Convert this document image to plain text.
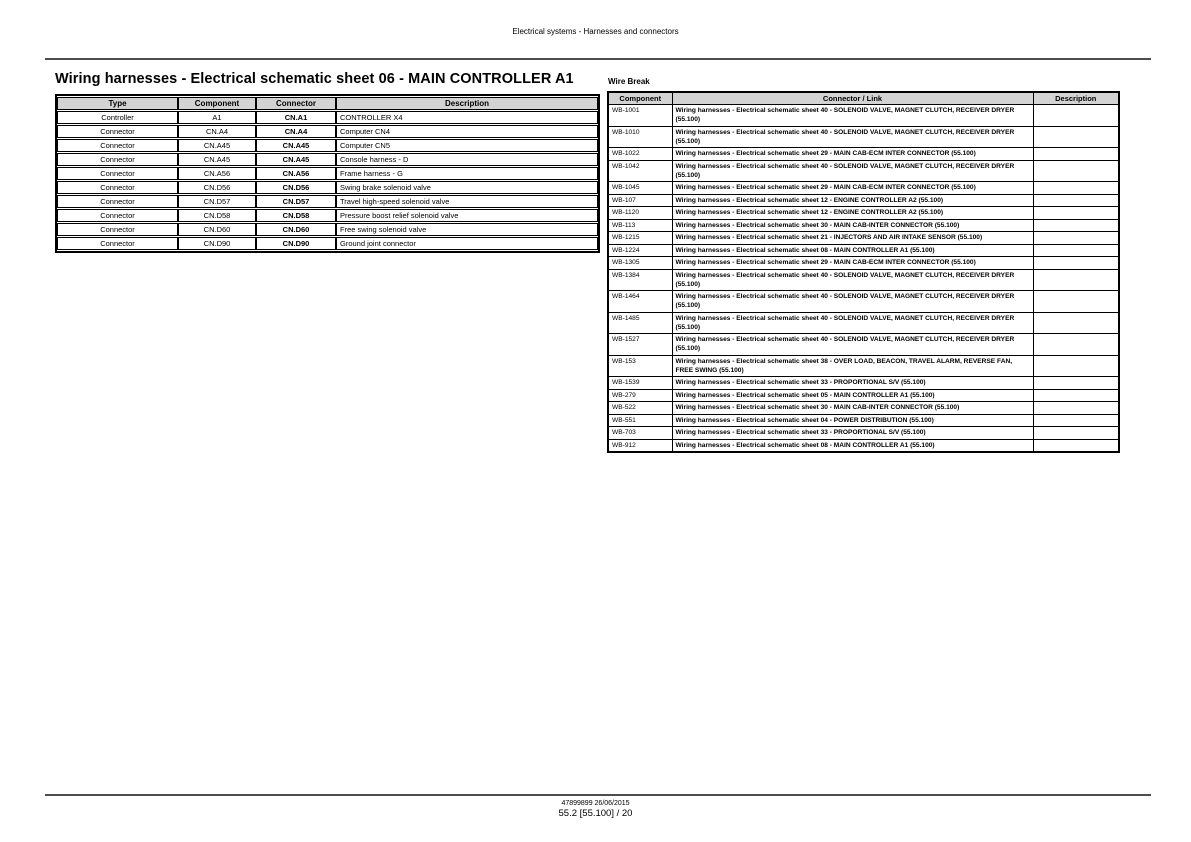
Electrical systems - Harnesses and connectors
Wiring harnesses - Electrical schematic sheet 06 - MAIN CONTROLLER A1
Type	Component	Connector	Description
Controller	A1	CN.A1	CONTROLLER X4
Connector	CN.A4	CN.A4	Computer CN4
Connector	CN.A45	CN.A45	Computer CN5
Connector	CN.A45	CN.A45	Console harness - D
Connector	CN.A56	CN.A56	Frame harness - G
Connector	CN.D56	CN.D56	Swing brake solenoid valve
Connector	CN.D57	CN.D57	Travel high-speed solenoid valve
Connector	CN.D58	CN.D58	Pressure boost relief solenoid valve
Connector	CN.D60	CN.D60	Free swing solenoid valve
Connector	CN.D90	CN.D90	Ground joint connector
Wire Break
Component	Connector / Link	Description
WB-1001	Wiring harnesses - Electrical schematic sheet 40 - SOLENOID VALVE, MAGNET CLUTCH, RECEIVER DRYER (55.100)	
WB-1010	Wiring harnesses - Electrical schematic sheet 40 - SOLENOID VALVE, MAGNET CLUTCH, RECEIVER DRYER (55.100)	
WB-1022	Wiring harnesses - Electrical schematic sheet 29 - MAIN CAB-ECM INTER CONNECTOR (55.100)	
WB-1042	Wiring harnesses - Electrical schematic sheet 40 - SOLENOID VALVE, MAGNET CLUTCH, RECEIVER DRYER (55.100)	
WB-1045	Wiring harnesses - Electrical schematic sheet 29 - MAIN CAB-ECM INTER CONNECTOR (55.100)	
WB-107	Wiring harnesses - Electrical schematic sheet 12 - ENGINE CONTROLLER A2 (55.100)	
WB-1120	Wiring harnesses - Electrical schematic sheet 12 - ENGINE CONTROLLER A2 (55.100)	
WB-113	Wiring harnesses - Electrical schematic sheet 30 - MAIN CAB-INTER CONNECTOR (55.100)	
WB-1215	Wiring harnesses - Electrical schematic sheet 21 - INJECTORS AND AIR INTAKE SENSOR (55.100)	
WB-1224	Wiring harnesses - Electrical schematic sheet 08 - MAIN CONTROLLER A1 (55.100)	
WB-1305	Wiring harnesses - Electrical schematic sheet 29 - MAIN CAB-ECM INTER CONNECTOR (55.100)	
WB-1384	Wiring harnesses - Electrical schematic sheet 40 - SOLENOID VALVE, MAGNET CLUTCH, RECEIVER DRYER (55.100)	
WB-1464	Wiring harnesses - Electrical schematic sheet 40 - SOLENOID VALVE, MAGNET CLUTCH, RECEIVER DRYER (55.100)	
WB-1485	Wiring harnesses - Electrical schematic sheet 40 - SOLENOID VALVE, MAGNET CLUTCH, RECEIVER DRYER (55.100)	
WB-1527	Wiring harnesses - Electrical schematic sheet 40 - SOLENOID VALVE, MAGNET CLUTCH, RECEIVER DRYER (55.100)	
WB-153	Wiring harnesses - Electrical schematic sheet 38 - OVER LOAD, BEACON, TRAVEL ALARM, REVERSE FAN, FREE SWING (55.100)	
WB-1539	Wiring harnesses - Electrical schematic sheet 33 - PROPORTIONAL S/V (55.100)	
WB-279	Wiring harnesses - Electrical schematic sheet 05 - MAIN CONTROLLER A1 (55.100)	
WB-522	Wiring harnesses - Electrical schematic sheet 30 - MAIN CAB-INTER CONNECTOR (55.100)	
WB-551	Wiring harnesses - Electrical schematic sheet 04 - POWER DISTRIBUTION (55.100)	
WB-703	Wiring harnesses - Electrical schematic sheet 33 - PROPORTIONAL S/V (55.100)	
WB-912	Wiring harnesses - Electrical schematic sheet 08 - MAIN CONTROLLER A1 (55.100)	
47899899 26/06/2015
55.2 [55.100] / 20
